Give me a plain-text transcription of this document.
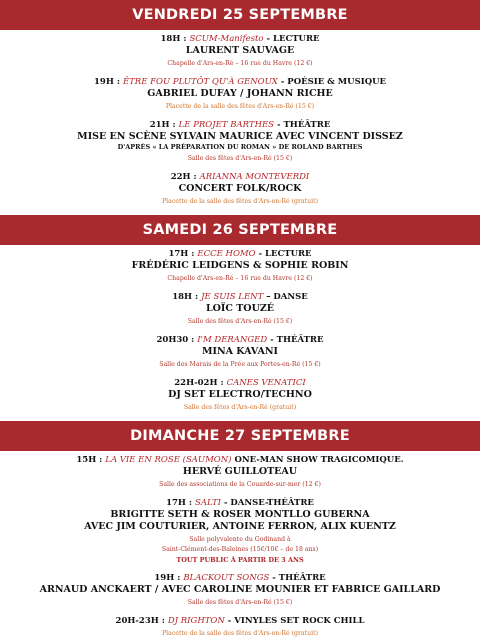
VENDREDI 25 SEPTEMBRE
18H : SCUM-Manifesto - LECTURE
LAURENT SAUVAGE
Chapelle d'Ars-en-Ré – 16 rue du Havre (12 €)
19H : ÊTRE FOU PLUTÔT QU'À GENOUX - POÉSIE & MUSIQUE
GABRIEL DUFAY / JOHANN RICHE
Placette de la salle des fêtes d'Ars-en-Ré (15 €)
21H : LE PROJET BARTHES - THÉÂTRE
MISE EN SCÈNE SYLVAIN MAURICE AVEC VINCENT DISSEZ
D'APRÈS « LA PRÉPARATION DU ROMAN » DE ROLAND BARTHES
Salle des fêtes d'Ars-en-Ré (15 €)
22H : ARIANNA MONTEVERDI
CONCERT FOLK/ROCK
Placette de la salle des fêtes d'Ars-en-Ré (gratuit)
SAMEDI 26 SEPTEMBRE
17H : ECCE HOMO - LECTURE
FRÉDÉRIC LEIDGENS & SOPHIE ROBIN
Chapelle d'Ars-en-Ré – 16 rue du Havre (12 €)
18H : JE SUIS LENT – DANSE
LOÏC TOUZÉ
Salle des fêtes d'Ars-en-Ré (15 €)
20H30 : I'M DERANGED - THÉÂTRE
MINA KAVANI
Salle des Marais de la Prée aux Portes-en-Ré (15 €)
22H-02H : CANES VENATICI
DJ SET ELECTRO/TECHNO
Salle des fêtes d'Ars-en-Ré (gratuit)
DIMANCHE 27 SEPTEMBRE
15H : LA VIE EN ROSE (SAUMON) ONE-MAN SHOW TRAGICOMIQUE.
HERVÉ GUILLOTEAU
Salle des associations de la Couarde-sur-mer (12 €)
17H : SALTI - DANSE-THÉÂTRE
BRIGITTE SETH & ROSER MONTLLO GUBERNA
AVEC JIM COUTURIER, ANTOINE FERRON, ALIX KUENTZ
Salle polyvalente du Godinand à
Saint-Clément-des-Baleines (15€/10€ – de 18 ans)
TOUT PUBLIC À PARTIR DE 3 ANS
19H : BLACKOUT SONGS - THÉÂTRE
ARNAUD ANCKAERT / AVEC CAROLINE MOUNIER ET FABRICE GAILLARD
Salle des fêtes d'Ars-en-Ré (15 €)
20H-23H : DJ RIGHTON - VINYLES SET ROCK CHILL
Placette de la salle des fêtes d'Ars-en-Ré (gratuit)
